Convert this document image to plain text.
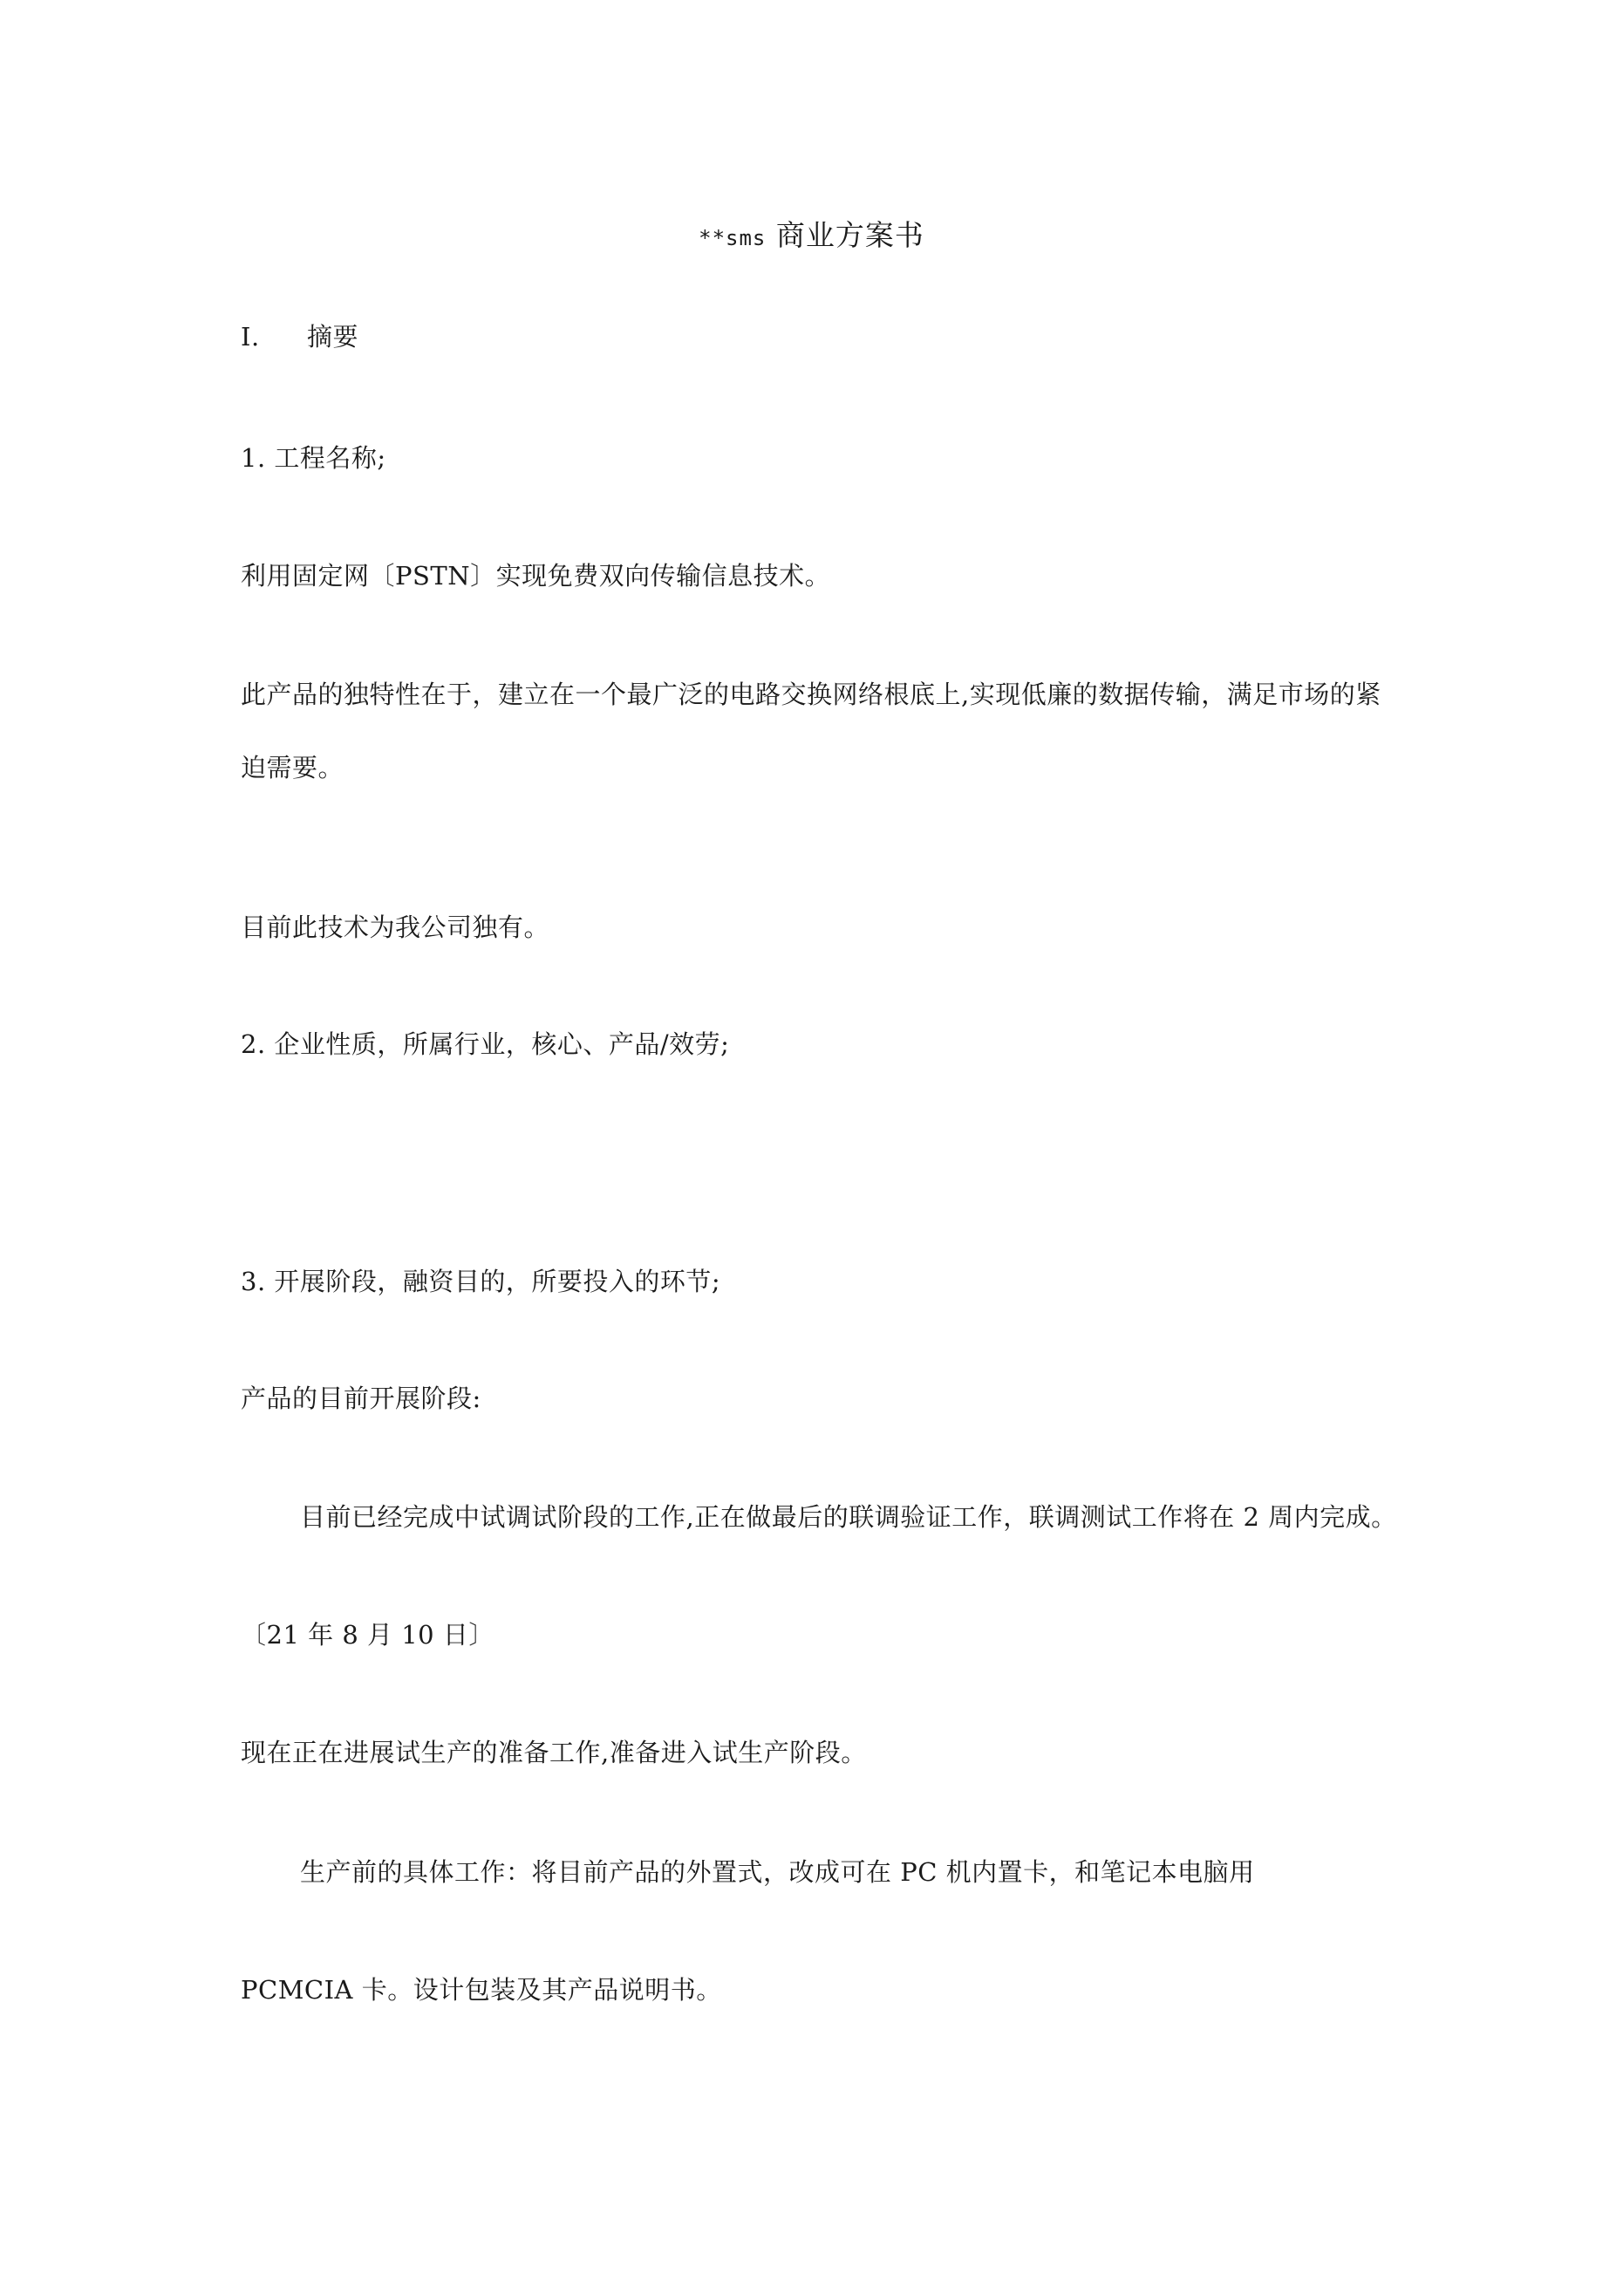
**sms 商业方案书
I. 摘要
1. 工程名称;
利用固定网〔PSTN〕实现免费双向传输信息技术。
此产品的独特性在于，建立在一个最广泛的电路交换网络根底上,实现低廉的数据传输，满足市场的紧
迫需要。
目前此技术为我公司独有。
2. 企业性质，所属行业，核心、产品/效劳;
3. 开展阶段，融资目的，所要投入的环节;
产品的目前开展阶段:
目前已经完成中试调试阶段的工作,正在做最后的联调验证工作，联调测试工作将在 2 周内完成。
〔21 年 8 月 10 日〕
现在正在进展试生产的准备工作,准备进入试生产阶段。
生产前的具体工作：将目前产品的外置式，改成可在 PC 机内置卡，和笔记本电脑用
PCMCIA 卡。设计包装及其产品说明书。
